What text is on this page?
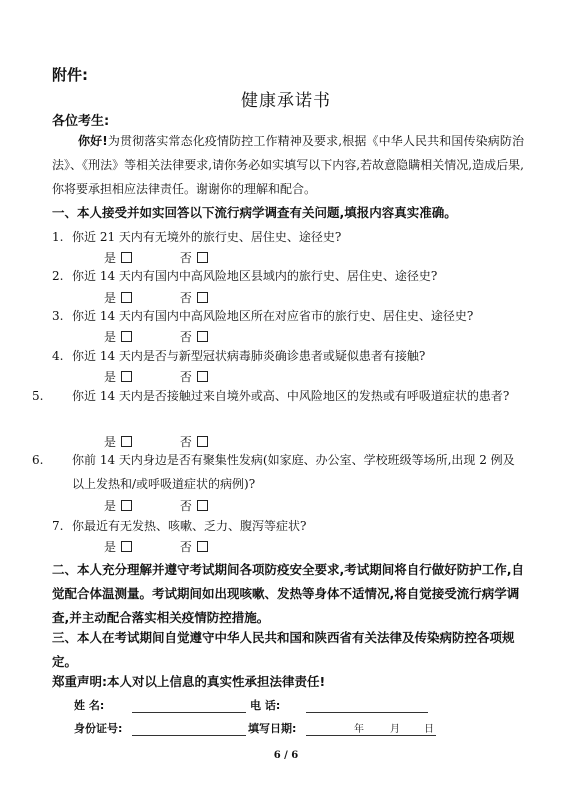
附件:
健康承诺书
各位考生:
你好!为贯彻落实常态化疫情防控工作精神及要求,根据《中华人民共和国传染病防治法》、《刑法》等相关法律要求,请你务必如实填写以下内容,若故意隐瞒相关情况,造成后果,你将要承担相应法律责任。谢谢你的理解和配合。
一、本人接受并如实回答以下流行病学调查有关问题,填报内容真实准确。
1. 你近 21 天内有无境外的旅行史、居住史、途径史?
是	否
2. 你近 14 天内有国内中高风险地区县域内的旅行史、居住史、途径史?
是	否
3. 你近 14 天内有国内中高风险地区所在对应省市的旅行史、居住史、途径史?
是	否
4. 你近 14 天内是否与新型冠状病毒肺炎确诊患者或疑似患者有接触?
是	否
5. 你近 14 天内是否接触过来自境外或高、中风险地区的发热或有呼吸道症状的患者?
是	否
6. 你前 14 天内身边是否有聚集性发病(如家庭、办公室、学校班级等场所,出现 2 例及以上发热和/或呼吸道症状的病例)?
是	否
7. 你最近有无发热、咳嗽、乏力、腹泻等症状?
是	否
二、本人充分理解并遵守考试期间各项防疫安全要求,考试期间将自行做好防护工作,自觉配合体温测量。考试期间如出现咳嗽、发热等身体不适情况,将自觉接受流行病学调查,并主动配合落实相关疫情防控措施。
三、本人在考试期间自觉遵守中华人民共和国和陕西省有关法律及传染病防控各项规定。
郑重声明:本人对以上信息的真实性承担法律责任!
姓 名:	电 话:
身份证号:	填写日期:	年	月 日
6 / 6
